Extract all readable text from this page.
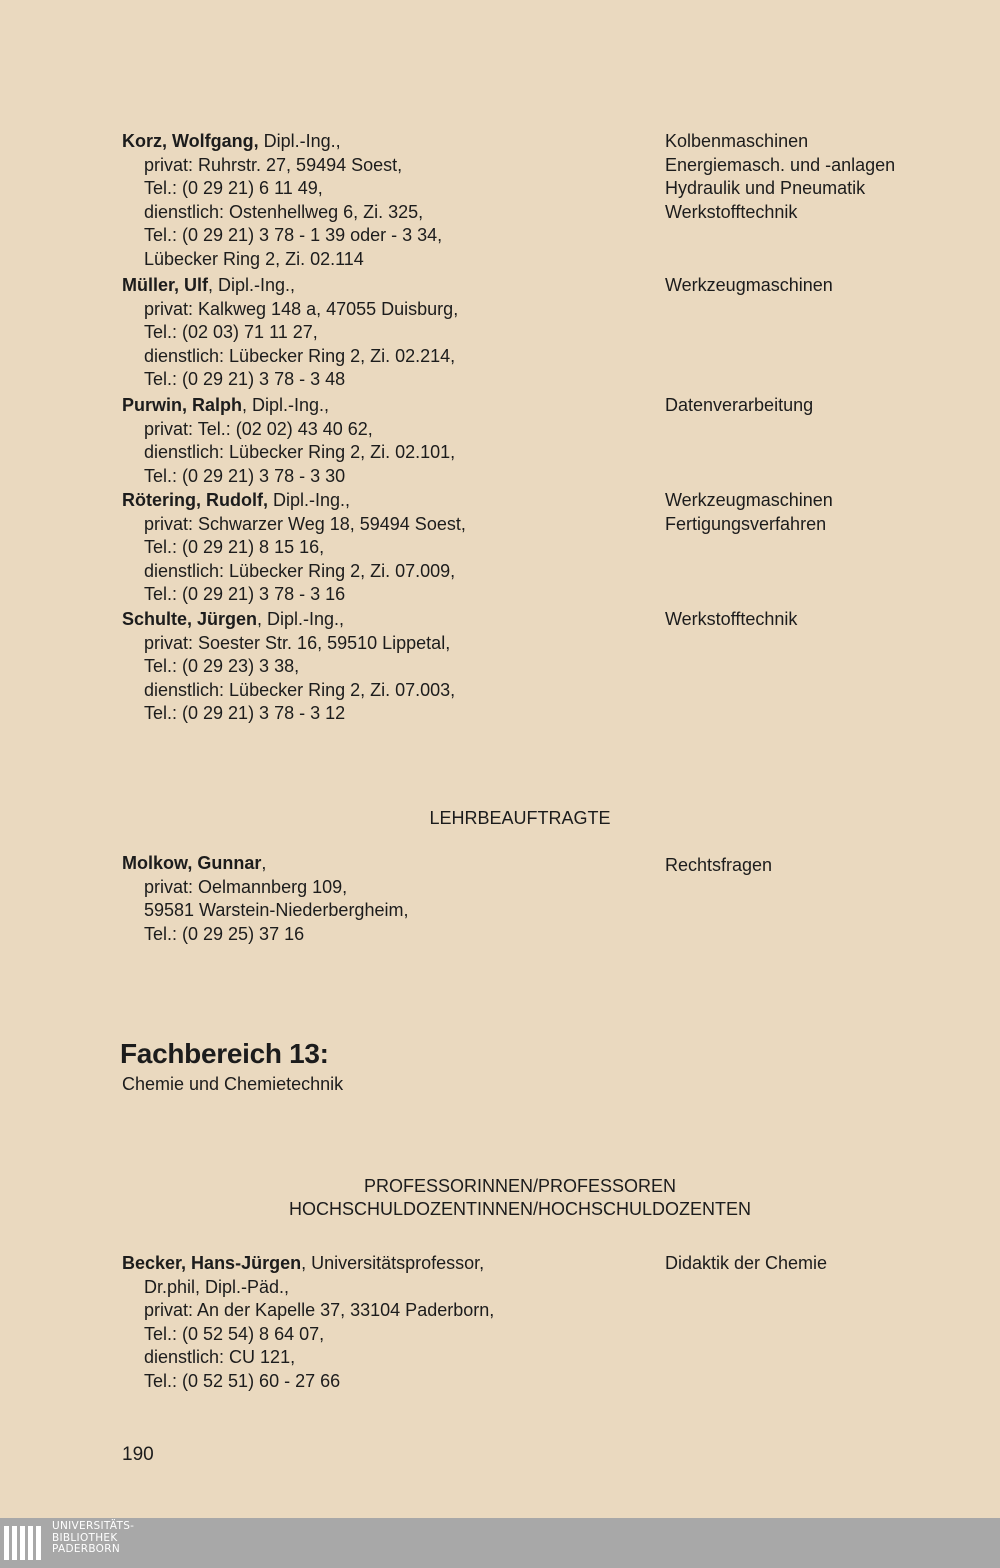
Korz, Wolfgang, Dipl.-Ing.,
privat: Ruhrstr. 27, 59494 Soest,
Tel.: (0 29 21) 6 11 49,
dienstlich: Ostenhellweg 6, Zi. 325,
Tel.: (0 29 21) 3 78 - 1 39 oder - 3 34,
Lübecker Ring 2, Zi. 02.114
Kolbenmaschinen
Energiemasch. und -anlagen
Hydraulik und Pneumatik
Werkstofftechnik
Müller, Ulf, Dipl.-Ing.,
privat: Kalkweg 148 a, 47055 Duisburg,
Tel.: (02 03) 71 11 27,
dienstlich: Lübecker Ring 2, Zi. 02.214,
Tel.: (0 29 21) 3 78 - 3 48
Werkzeugmaschinen
Purwin, Ralph, Dipl.-Ing.,
privat: Tel.: (02 02) 43 40 62,
dienstlich: Lübecker Ring 2, Zi. 02.101,
Tel.: (0 29 21) 3 78 - 3 30
Datenverarbeitung
Rötering, Rudolf, Dipl.-Ing.,
privat: Schwarzer Weg 18, 59494 Soest,
Tel.: (0 29 21) 8 15 16,
dienstlich: Lübecker Ring 2, Zi. 07.009,
Tel.: (0 29 21) 3 78 - 3 16
Werkzeugmaschinen
Fertigungsverfahren
Schulte, Jürgen, Dipl.-Ing.,
privat: Soester Str. 16, 59510 Lippetal,
Tel.: (0 29 23) 3 38,
dienstlich: Lübecker Ring 2, Zi. 07.003,
Tel.: (0 29 21) 3 78 - 3 12
Werkstofftechnik
LEHRBEAUFTRAGTE
Molkow, Gunnar,
privat: Oelmannberg 109,
59581 Warstein-Niederbergheim,
Tel.: (0 29 25) 37 16
Rechtsfragen
Fachbereich 13:
Chemie und Chemietechnik
PROFESSORINNEN/PROFESSOREN
HOCHSCHULDOZENTINNEN/HOCHSCHULDOZENTEN
Becker, Hans-Jürgen, Universitätsprofessor,
Dr.phil, Dipl.-Päd.,
privat: An der Kapelle 37, 33104 Paderborn,
Tel.: (0 52 54) 8 64 07,
dienstlich: CU 121,
Tel.: (0 52 51) 60 - 27 66
Didaktik der Chemie
190
UNIVERSITÄTS-
BIBLIOTHEK
PADERBORN
